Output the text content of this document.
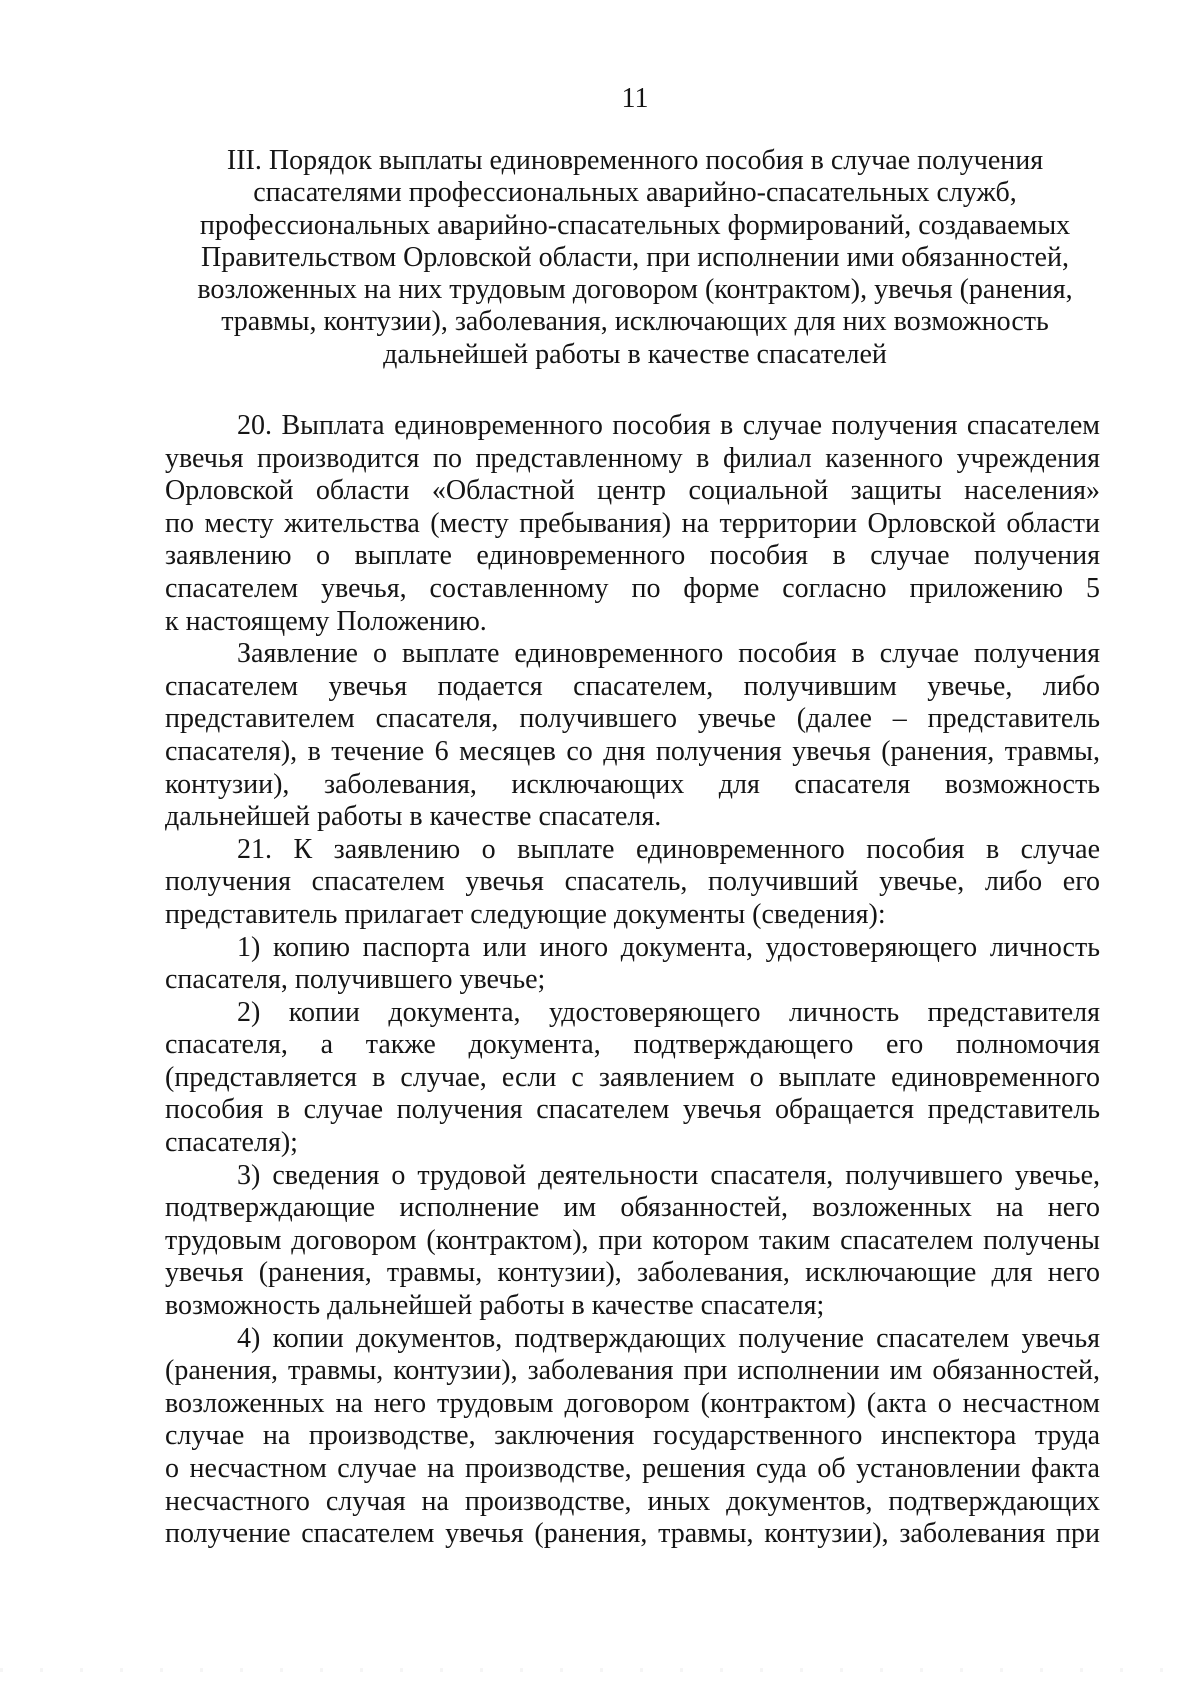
11
III. Порядок выплаты единовременного пособия в случае получения
спасателями профессиональных аварийно-спасательных служб,
профессиональных аварийно-спасательных формирований, создаваемых
Правительством Орловской области, при исполнении ими обязанностей,
возложенных на них трудовым договором (контрактом), увечья (ранения,
травмы, контузии), заболевания, исключающих для них возможность
дальнейшей работы в качестве спасателей
20. Выплата единовременного пособия в случае получения спасателем
увечья производится по представленному в филиал казенного учреждения
Орловской области «Областной центр социальной защиты населения»
по месту жительства (месту пребывания) на территории Орловской области
заявлению о выплате единовременного пособия в случае получения
спасателем увечья, составленному по форме согласно приложению 5
к настоящему Положению.
Заявление о выплате единовременного пособия в случае получения
спасателем увечья подается спасателем, получившим увечье, либо
представителем спасателя, получившего увечье (далее – представитель
спасателя), в течение 6 месяцев со дня получения увечья (ранения, травмы,
контузии), заболевания, исключающих для спасателя возможность
дальнейшей работы в качестве спасателя.
21. К заявлению о выплате единовременного пособия в случае
получения спасателем увечья спасатель, получивший увечье, либо его
представитель прилагает следующие документы (сведения):
1) копию паспорта или иного документа, удостоверяющего личность
спасателя, получившего увечье;
2) копии документа, удостоверяющего личность представителя
спасателя, а также документа, подтверждающего его полномочия
(представляется в случае, если с заявлением о выплате единовременного
пособия в случае получения спасателем увечья обращается представитель
спасателя);
3) сведения о трудовой деятельности спасателя, получившего увечье,
подтверждающие исполнение им обязанностей, возложенных на него
трудовым договором (контрактом), при котором таким спасателем получены
увечья (ранения, травмы, контузии), заболевания, исключающие для него
возможность дальнейшей работы в качестве спасателя;
4) копии документов, подтверждающих получение спасателем увечья
(ранения, травмы, контузии), заболевания при исполнении им обязанностей,
возложенных на него трудовым договором (контрактом) (акта о несчастном
случае на производстве, заключения государственного инспектора труда
о несчастном случае на производстве, решения суда об установлении факта
несчастного случая на производстве, иных документов, подтверждающих
получение спасателем увечья (ранения, травмы, контузии), заболевания при
